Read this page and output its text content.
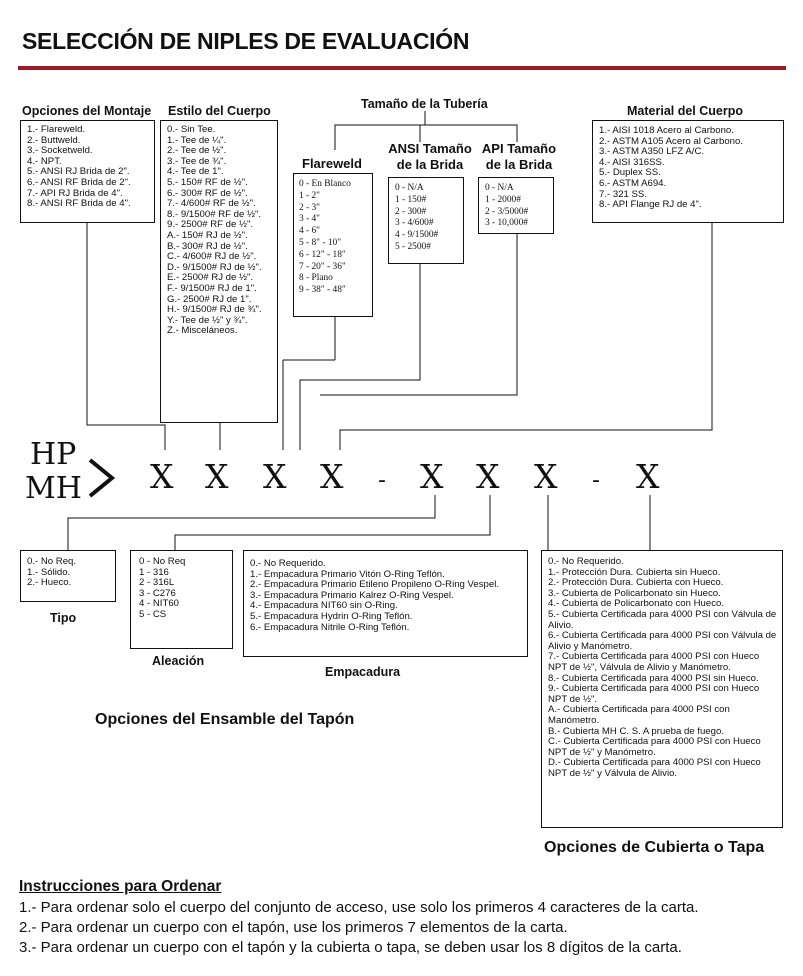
SELECCIÓN DE NIPLES DE EVALUACIÓN
Opciones del Montaje Estilo del Cuerpo	Tamaño de la Tubería
Flareweld
ANSI Tamaño
de la Brida
API Tamaño
de la Brida
Material del Cuerpo
1.- Flareweld.
2.- Buttweld.
3.- Socketweld.
4.- NPT.
5.- ANSI RJ Brida de 2".
6.- ANSI RF Brida de 2".
7.- API RJ Brida de 4".
8.- ANSI RF Brida de 4".
0.- Sin Tee.
1.- Tee de ¼".
2.- Tee de ½".
3.- Tee de ¾".
4.- Tee de 1".
5.- 150# RF de ½".
6.- 300# RF de ½".
7.- 4/600# RF de ½".
8.- 9/1500# RF de ½".
9.- 2500# RF de ½".
A.- 150# RJ de ½".
B.- 300# RJ de ½".
C.- 4/600# RJ de ½".
D.- 9/1500# RJ de ½".
E.- 2500# RJ de ½".
F.- 9/1500# RJ de 1".
G.- 2500# RJ de 1".
H.- 9/1500# RJ de ¾".
Y.- Tee de ½" y ¾".
Z.- Misceláneos.
0 - En Blanco
1 - 2"
2 - 3"
3 - 4"
4 - 6"
5 - 8" - 10"
6 - 12" - 18"
7 - 20" - 36"
8 - Plano
9 - 38" - 48"
0 - N/A
1 - 150#
2 - 300#
3 - 4/600#
4 - 9/1500#
5 - 2500#
0 - N/A
1 - 2000#
2 - 3/5000#
3 - 10,000#
1.- AISI 1018 Acero al Carbono.
2.- ASTM A105 Acero al Carbono.
3.- ASTM A350 LFZ A/C.
4.- AISI 316SS.
5.- Duplex SS.
6.- ASTM A694.
7.- 321 SS.
8.- API Flange RJ de 4".
HP
MH X X X X - X X X - X
0.- No Req.
1.- Sólido.
2.- Hueco.
Tipo
0 - No Req
1 - 316
2 - 316L
3 - C276
4 - NIT60
5 - CS
Aleación
0.- No Requerido.
1.- Empacadura Primario Vitón O-Ring Teflón.
2.- Empacadura Primario Etileno Propileno O-Ring Vespel.
3.- Empacadura Primario Kalrez O-Ring Vespel.
4.- Empacadura NIT60 sin O-Ring.
5.- Empacadura Hydrin O-Ring Teflón.
6.- Empacadura Nitrile O-Ring Teflón.
Empacadura
0.- No Requerido.
1.- Protección Dura. Cubierta sin Hueco.
2.- Protección Dura. Cubierta con Hueco.
3.- Cubierta de Policarbonato sin Hueco.
4.- Cubierta de Policarbonato con Hueco.
5.- Cubierta Certificada para 4000 PSI con Válvula de Alivio.
6.- Cubierta Certificada para 4000 PSI con Válvula de Alivio y Manómetro.
7.- Cubierta Certificada para 4000 PSI con Hueco NPT de ½", Válvula de Alivio y Manómetro.
8.- Cubierta Certificada para 4000 PSI sin Hueco.
9.- Cubierta Certificada para 4000 PSI con Hueco NPT de ½".
A.- Cubierta Certificada para 4000 PSI con Manómetro.
B.- Cubierta MH C. S. A prueba de fuego.
C.- Cubierta Certificada para 4000 PSI con Hueco NPT de ½" y Manómetro.
D.- Cubierta Certificada para 4000 PSI con Hueco NPT de ½" y Válvula de Alivio.
Opciones de Cubierta o Tapa
Opciones del Ensamble del Tapón
Instrucciones para Ordenar
1.- Para ordenar solo el cuerpo del conjunto de acceso, use solo los primeros 4 caracteres de la carta.
2.- Para ordenar un cuerpo con el tapón, use los primeros 7 elementos de la carta.
3.- Para ordenar un cuerpo con el tapón y la cubierta o tapa, se deben usar los 8 dígitos de la carta.
